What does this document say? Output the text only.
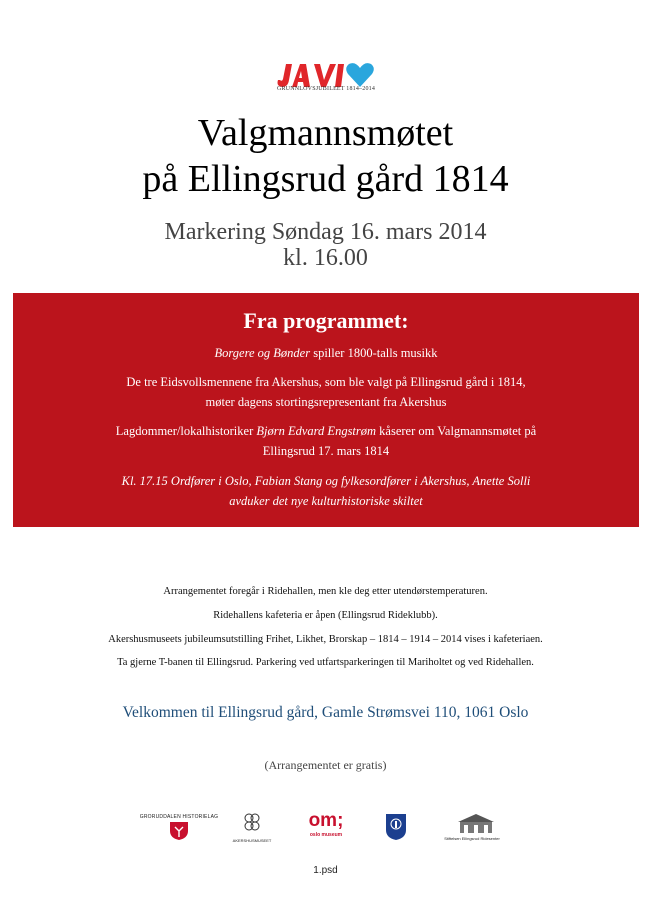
GRUNNLOVSJUBILEET 1814–2014
Valgmannsmøtet
på Ellingsrud gård 1814
Markering Søndag 16. mars 2014
kl. 16.00
Fra programmet:
Borgere og Bønder spiller 1800-talls musikk
De tre Eidsvollsmennene fra Akershus, som ble valgt på Ellingsrud gård i 1814,
møter dagens stortingsrepresentant fra Akershus
Lagdommer/lokalhistoriker Bjørn Edvard Engstrøm kåserer om Valgmannsmøtet på
Ellingsrud 17. mars 1814
Kl. 17.15 Ordfører i Oslo, Fabian Stang og fylkesordfører i Akershus, Anette Solli
avduker det nye kulturhistoriske skiltet
Arrangementet foregår i Ridehallen, men kle deg etter utendørstemperaturen.
Ridehallens kafeteria er åpen (Ellingsrud Rideklubb).
Akershusmuseets jubileumsutstilling Frihet, Likhet, Brorskap – 1814 – 1914 – 2014 vises i kafeteriaen.
Ta gjerne T-banen til Ellingsrud. Parkering ved utfartsparkeringen til Mariholtet og ved Ridehallen.
Velkommen til Ellingsrud gård, Gamle Strømsvei 110, 1061 Oslo
(Arrangementet er gratis)
GRORUDDALEN HISTORIELAG
AKERSHUSMUSEET
om;
oslo museum
Stiftelsen Ellingsrud Ridesenter
1.psd
